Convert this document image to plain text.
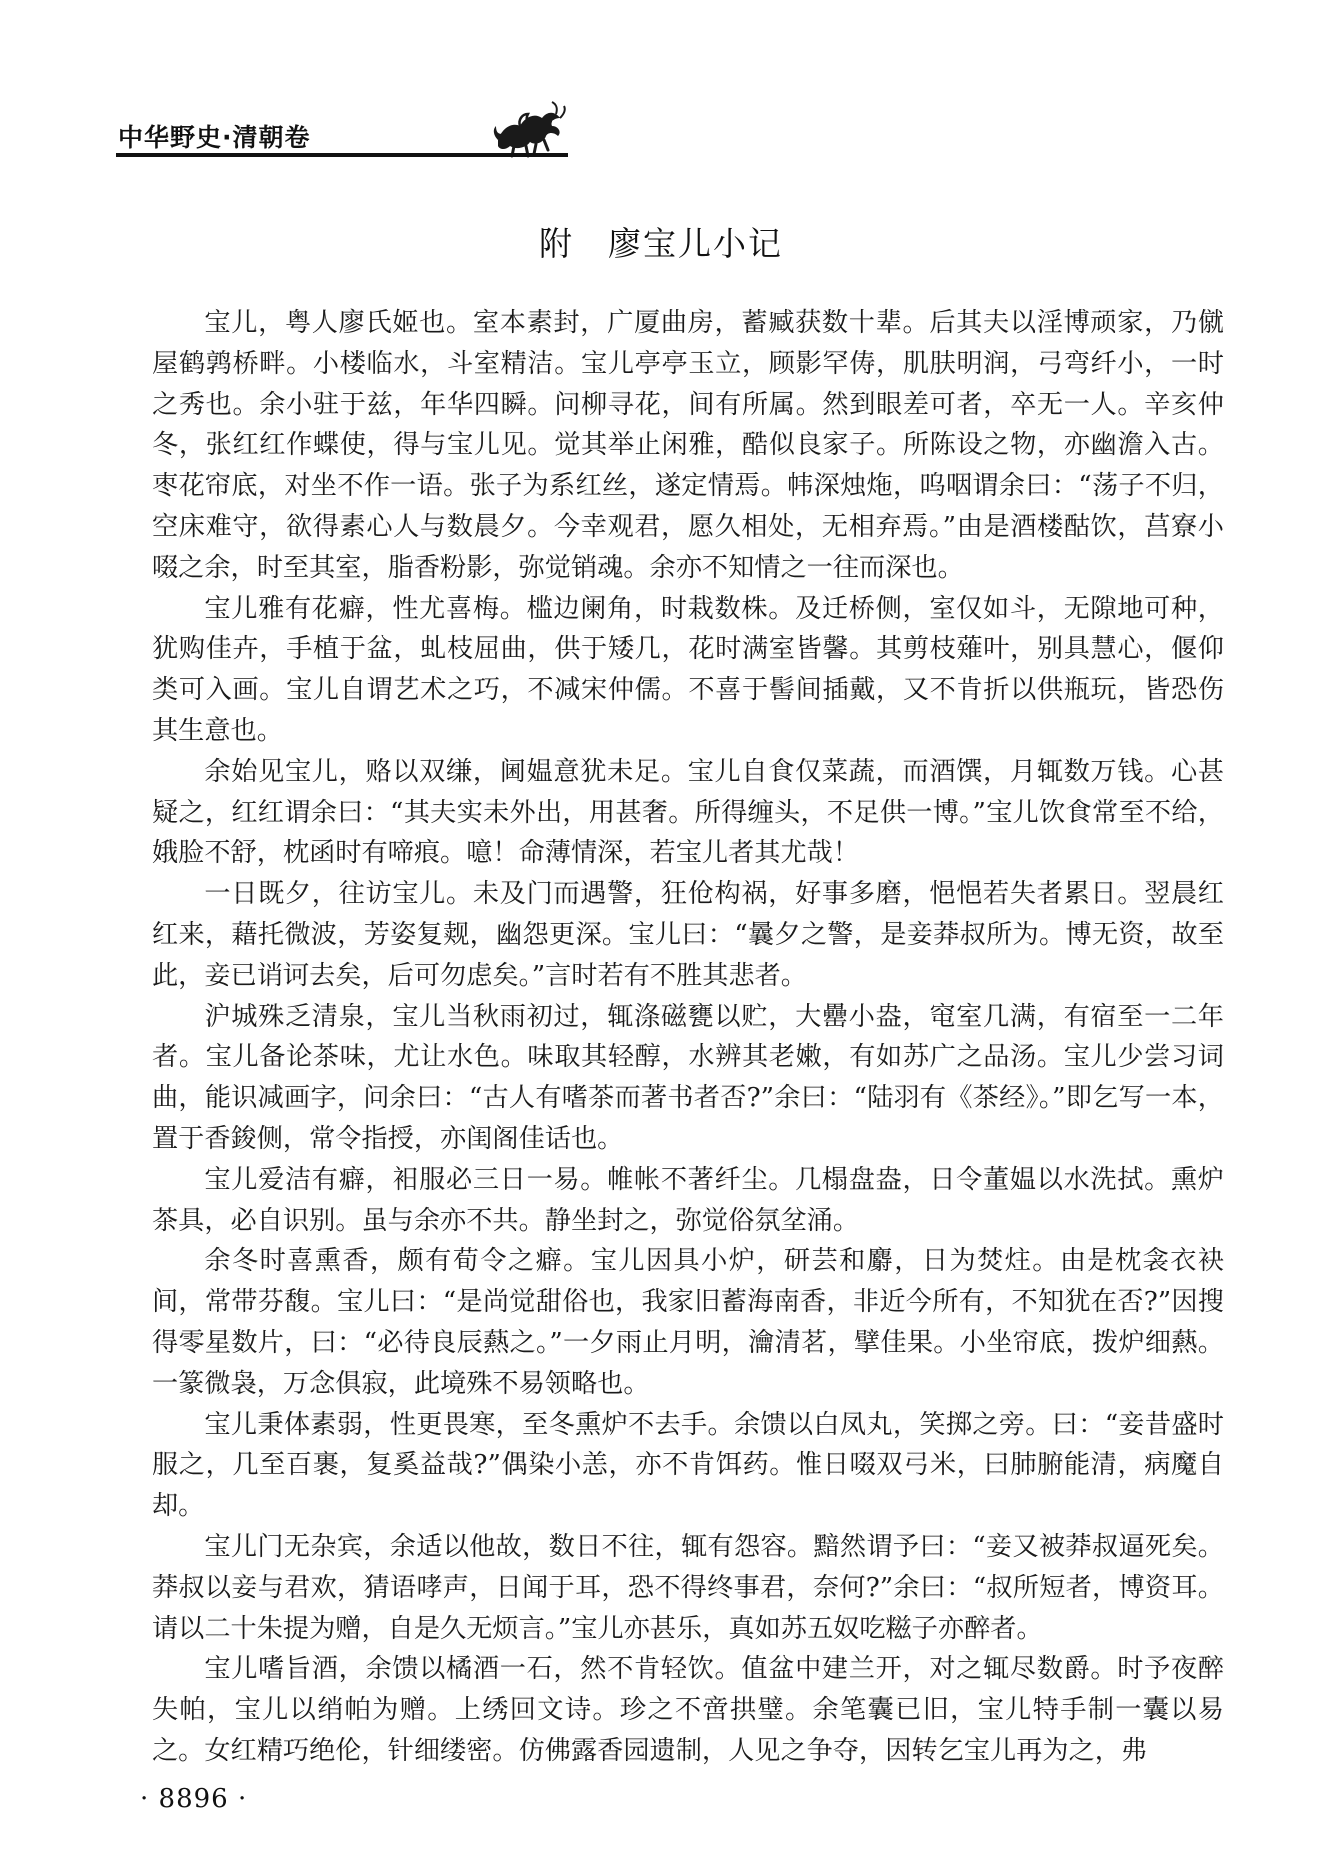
中华野史·清朝卷
附 廖宝儿小记

宝儿，粤人廖氏姬也。室本素封，广厦曲房，蓄臧获数十辈。后其夫以淫博顽家，乃僦屋鹤鹑桥畔。小楼临水，斗室精洁。宝儿亭亭玉立，顾影罕俦，肌肤明润，弓弯纤小，一时之秀也。余小驻于兹，年华四瞬。问柳寻花，间有所属。然到眼差可者，卒无一人。辛亥仲冬，张红红作蝶使，得与宝儿见。觉其举止闲雅，酷似良家子。所陈设之物，亦幽澹入古。枣花帘底，对坐不作一语。张子为系红丝，遂定情焉。帏深烛炧，呜咽谓余曰：“荡子不归，空床难守，欲得素心人与数晨夕。今幸观君，愿久相处，无相弃焉。”由是酒楼酤饮，莒寮小啜之余，时至其室，脂香粉影，弥觉销魂。余亦不知情之一往而深也。

宝儿雅有花癖，性尤喜梅。槛边阑角，时栽数株。及迁桥侧，室仅如斗，无隙地可种，犹购佳卉，手植于盆，虬枝屈曲，供于矮几，花时满室皆馨。其剪枝薙叶，别具慧心，偃仰类可入画。宝儿自谓艺术之巧，不减宋仲儒。不喜于髻间插戴，又不肯折以供瓶玩，皆恐伤其生意也。

余始见宝儿，赂以双缣，阃媪意犹未足。宝儿自食仅菜蔬，而酒馔，月辄数万钱。心甚疑之，红红谓余曰：“其夫实未外出，用甚奢。所得缠头，不足供一博。”宝儿饮食常至不给，娥脸不舒，枕函时有啼痕。噫！命薄情深，若宝儿者其尤哉！

一日既夕，往访宝儿。未及门而遇警，狂伧构祸，好事多磨，悒悒若失者累日。翌晨红红来，藉托微波，芳姿复觌，幽怨更深。宝儿曰：“曩夕之警，是妾莽叔所为。博无资，故至此，妾已诮诃去矣，后可勿虑矣。”言时若有不胜其悲者。

沪城殊乏清泉，宝儿当秋雨初过，辄涤磁甕以贮，大罍小盎，窀室几满，有宿至一二年者。宝儿备论茶味，尤让水色。味取其轻醇，水辨其老嫩，有如苏广之品汤。宝儿少尝习词曲，能识减画字，问余曰：“古人有嗜茶而著书者否?”余曰：“陆羽有《茶经》。”即乞写一本，置于香鋑侧，常令指授，亦闺阁佳话也。

宝儿爱洁有癖，衵服必三日一易。帷帐不著纤尘。几榻盘盎，日令董媪以水洗拭。熏炉茶具，必自识别。虽与余亦不共。静坐封之，弥觉俗氛坌涌。

余冬时喜熏香，颇有荀令之癖。宝儿因具小炉，研芸和麝，日为焚炷。由是枕衾衣袂间，常带芬馥。宝儿曰：“是尚觉甜俗也，我家旧蓄海南香，非近今所有，不知犹在否?”因搜得零星数片，曰：“必待良辰爇之。”一夕雨止月明，瀹清茗，擘佳果。小坐帘底，拨炉细爇。一篆微袅，万念俱寂，此境殊不易领略也。

宝儿秉体素弱，性更畏寒，至冬熏炉不去手。余馈以白凤丸，笑掷之旁。曰：“妾昔盛时服之，几至百裹，复奚益哉?”偶染小恙，亦不肯饵药。惟日啜双弓米，曰肺腑能清，病魔自却。

宝儿门无杂宾，余适以他故，数日不往，辄有怨容。黯然谓予曰：“妾又被莽叔逼死矣。莽叔以妾与君欢，猜语哮声，日闻于耳，恐不得终事君，奈何?”余曰：“叔所短者，博资耳。请以二十朱提为赠，自是久无烦言。”宝儿亦甚乐，真如苏五奴吃糍子亦醉者。

宝儿嗜旨酒，余馈以橘酒一石，然不肯轻饮。值盆中建兰开，对之辄尽数爵。时予夜醉失帕，宝儿以绡帕为赠。上绣回文诗。珍之不啻拱璧。余笔囊已旧，宝儿特手制一囊以易之。女红精巧绝伦，针细缕密。仿佛露香园遗制，人见之争夺，因转乞宝儿再为之，弗

· 8896 ·
